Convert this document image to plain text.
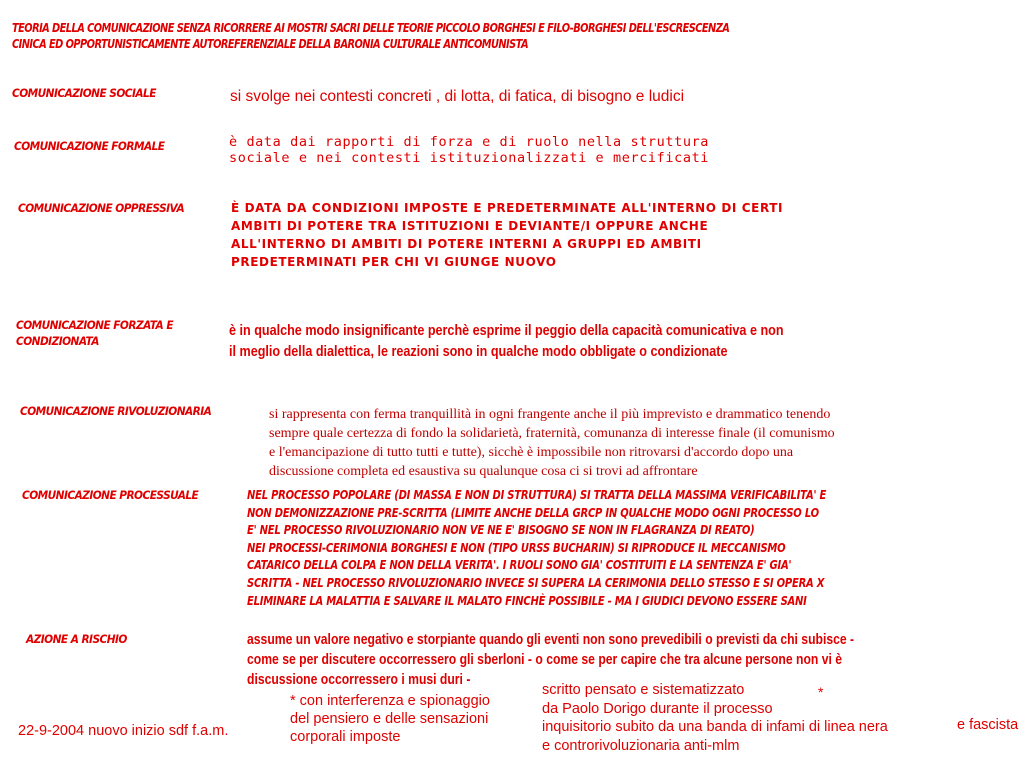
TEORIA DELLA COMUNICAZIONE SENZA RICORRERE AI MOSTRI SACRI DELLE TEORIE PICCOLO BORGHESI E FILO-BORGHESI DELL'ESCRESCENZA
CINICA ED OPPORTUNISTICAMENTE AUTOREFERENZIALE DELLA BARONIA CULTURALE ANTICOMUNISTA
COMUNICAZIONE SOCIALE	si svolge nei contesti concreti , di lotta, di fatica, di bisogno e ludici
COMUNICAZIONE FORMALE	è data dai rapporti di forza e di ruolo nella struttura
sociale e nei contesti istituzionalizzati e mercificati
COMUNICAZIONE OPPRESSIVA	È DATA DA CONDIZIONI IMPOSTE E PREDETERMINATE ALL'INTERNO DI CERTI
AMBITI DI POTERE TRA ISTITUZIONI E DEVIANTE/I OPPURE ANCHE
ALL'INTERNO DI AMBITI DI POTERE INTERNI A GRUPPI ED AMBITI
PREDETERMINATI PER CHI VI GIUNGE NUOVO
COMUNICAZIONE FORZATA E
CONDIZIONATA
è in qualche modo insignificante perchè esprime il peggio della capacità comunicativa e non
il meglio della dialettica, le reazioni sono in qualche modo obbligate o condizionate
COMUNICAZIONE RIVOLUZIONARIA	si rappresenta con ferma tranquillità in ogni frangente anche il più imprevisto e drammatico tenendo
sempre quale certezza di fondo la solidarietà, fraternità, comunanza di interesse finale (il comunismo
e l'emancipazione di tutto tutti e tutte), sicchè è impossibile non ritrovarsi d'accordo dopo una
discussione completa ed esaustiva su qualunque cosa ci si trovi ad affrontare
COMUNICAZIONE PROCESSUALE	NEL PROCESSO POPOLARE (DI MASSA E NON DI STRUTTURA) SI TRATTA DELLA MASSIMA VERIFICABILITA' E
NON DEMONIZZAZIONE PRE-SCRITTA (LIMITE ANCHE DELLA GRCP IN QUALCHE MODO OGNI PROCESSO LO
E' NEL PROCESSO RIVOLUZIONARIO NON VE NE E' BISOGNO SE NON IN FLAGRANZA DI REATO)
NEI PROCESSI-CERIMONIA BORGHESI E NON (TIPO URSS BUCHARIN) SI RIPRODUCE IL MECCANISMO
CATARICO DELLA COLPA E NON DELLA VERITA'. I RUOLI SONO GIA' COSTITUITI E LA SENTENZA E' GIA'
SCRITTA - NEL PROCESSO RIVOLUZIONARIO INVECE SI SUPERA LA CERIMONIA DELLO STESSO E SI OPERA X
ELIMINARE LA MALATTIA E SALVARE IL MALATO FINCHÈ POSSIBILE - MA I GIUDICI DEVONO ESSERE SANI
AZIONE A RISCHIO	assume un valore negativo e storpiante quando gli eventi non sono prevedibili o previsti da chi subisce -
come se per discutere occorressero gli sberloni - o come se per capire che tra alcune persone non vi è
discussione occorressero i musi duri -
22-9-2004 nuovo inizio sdf f.a.m.
* con interferenza e spionaggio
del pensiero e delle sensazioni
corporali imposte
scritto pensato e sistematizzato
da Paolo Dorigo durante il processo
inquisitorio subito da una banda di infami di linea nera
e controrivoluzionaria anti-mlm
*
e fascista
